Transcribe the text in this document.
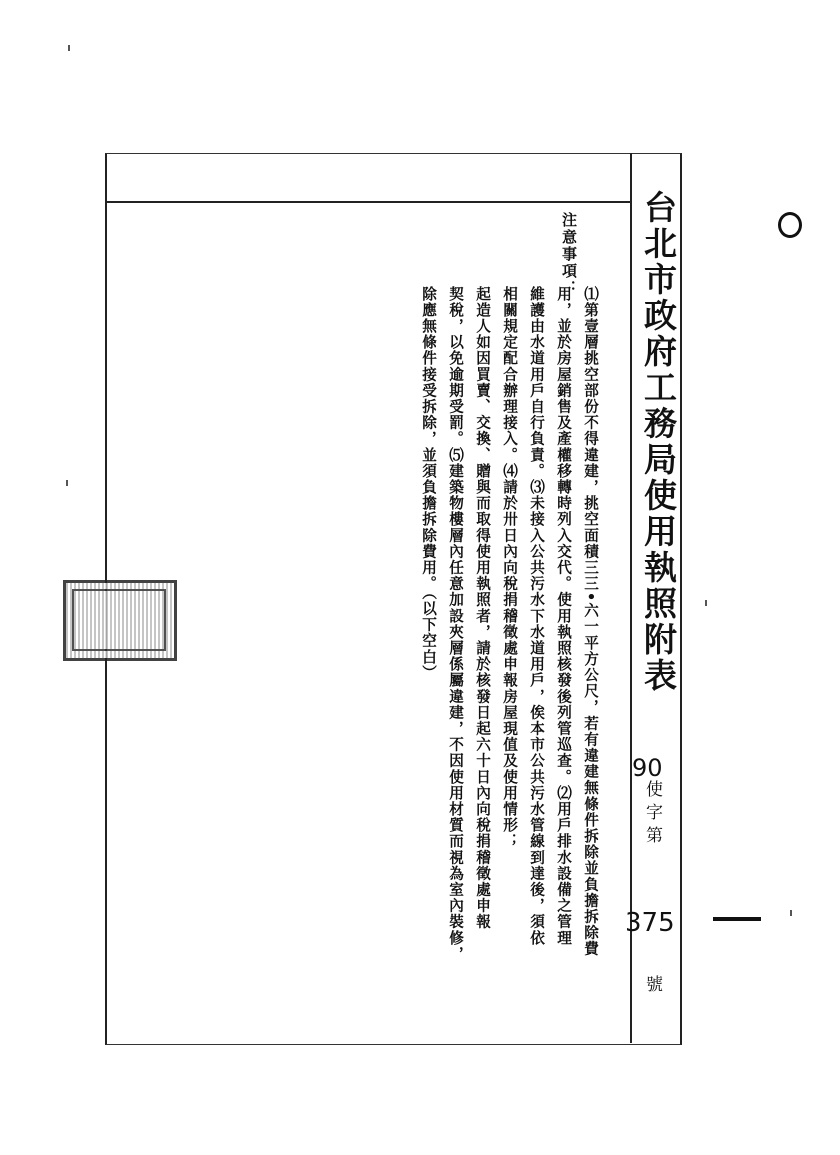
台北市政府工務局使用執照附表
90
使字第
375
號
注意事項：
⑴第壹層挑空部份不得違建，挑空面積三三•六一平方公尺，若有違建無條件拆除並負擔拆除費
用，並於房屋銷售及產權移轉時列入交代。使用執照核發後列管巡查。⑵用戶排水設備之管理
維護由水道用戶自行負責。⑶未接入公共污水下水道用戶，俟本市公共污水管線到達後，須依
相關規定配合辦理接入。⑷請於卅日內向稅捐稽徵處申報房屋現值及使用情形；
起造人如因買賣、交換、贈與而取得使用執照者，請於核發日起六十日內向稅捐稽徵處申報
契稅，以免逾期受罰。⑸建築物樓層內任意加設夾層係屬違建，不因使用材質而視為室內裝修，
除應無條件接受拆除，並須負擔拆除費用。（以下空白）
